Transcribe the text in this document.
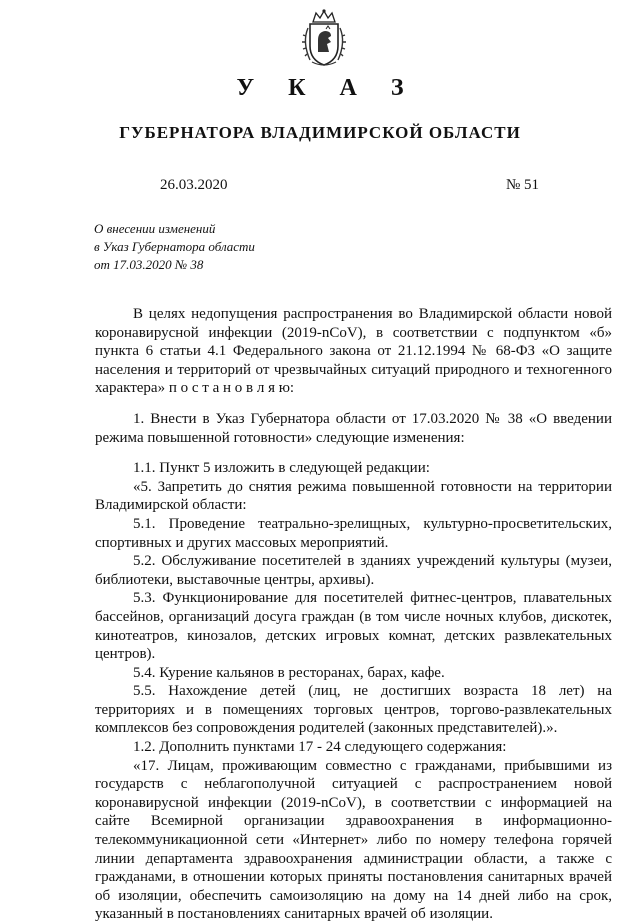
У К А З
ГУБЕРНАТОРА ВЛАДИМИРСКОЙ ОБЛАСТИ
26.03.2020	№ 51
О внесении изменений
в Указ Губернатора области
от 17.03.2020 № 38

В целях недопущения распространения во Владимирской области новой коронавирусной инфекции (2019-nCoV), в соответствии с подпунктом «б» пункта 6 статьи 4.1 Федерального закона от 21.12.1994 № 68-ФЗ «О защите населения и территорий от чрезвычайных ситуаций природного и техногенного характера» п о с т а н о в л я ю:

1. Внести в Указ Губернатора области от 17.03.2020 № 38 «О введении режима повышенной готовности» следующие изменения:

1.1. Пункт 5 изложить в следующей редакции:

«5. Запретить до снятия режима повышенной готовности на территории Владимирской области:

5.1. Проведение театрально-зрелищных, культурно-просветительских, спортивных и других массовых мероприятий.

5.2. Обслуживание посетителей в зданиях учреждений культуры (музеи, библиотеки, выставочные центры, архивы).

5.3. Функционирование для посетителей фитнес-центров, плавательных бассейнов, организаций досуга граждан (в том числе ночных клубов, дискотек, кинотеатров, кинозалов, детских игровых комнат, детских развлекательных центров).

5.4. Курение кальянов в ресторанах, барах, кафе.

5.5. Нахождение детей (лиц, не достигших возраста 18 лет) на территориях и в помещениях торговых центров, торгово-развлекательных комплексов без сопровождения родителей (законных представителей).».

1.2. Дополнить пунктами 17 - 24 следующего содержания:

«17. Лицам, проживающим совместно с гражданами, прибывшими из государств с неблагополучной ситуацией с распространением новой коронавирусной инфекции (2019-nCoV), в соответствии с информацией на сайте Всемирной организации здравоохранения в информационно-телекоммуникационной сети «Интернет» либо по номеру телефона горячей линии департамента здравоохранения администрации области, а также с гражданами, в отношении которых приняты постановления санитарных врачей об изоляции, обеспечить самоизоляцию на дому на 14 дней либо на срок, указанный в постановлениях санитарных врачей об изоляции.
